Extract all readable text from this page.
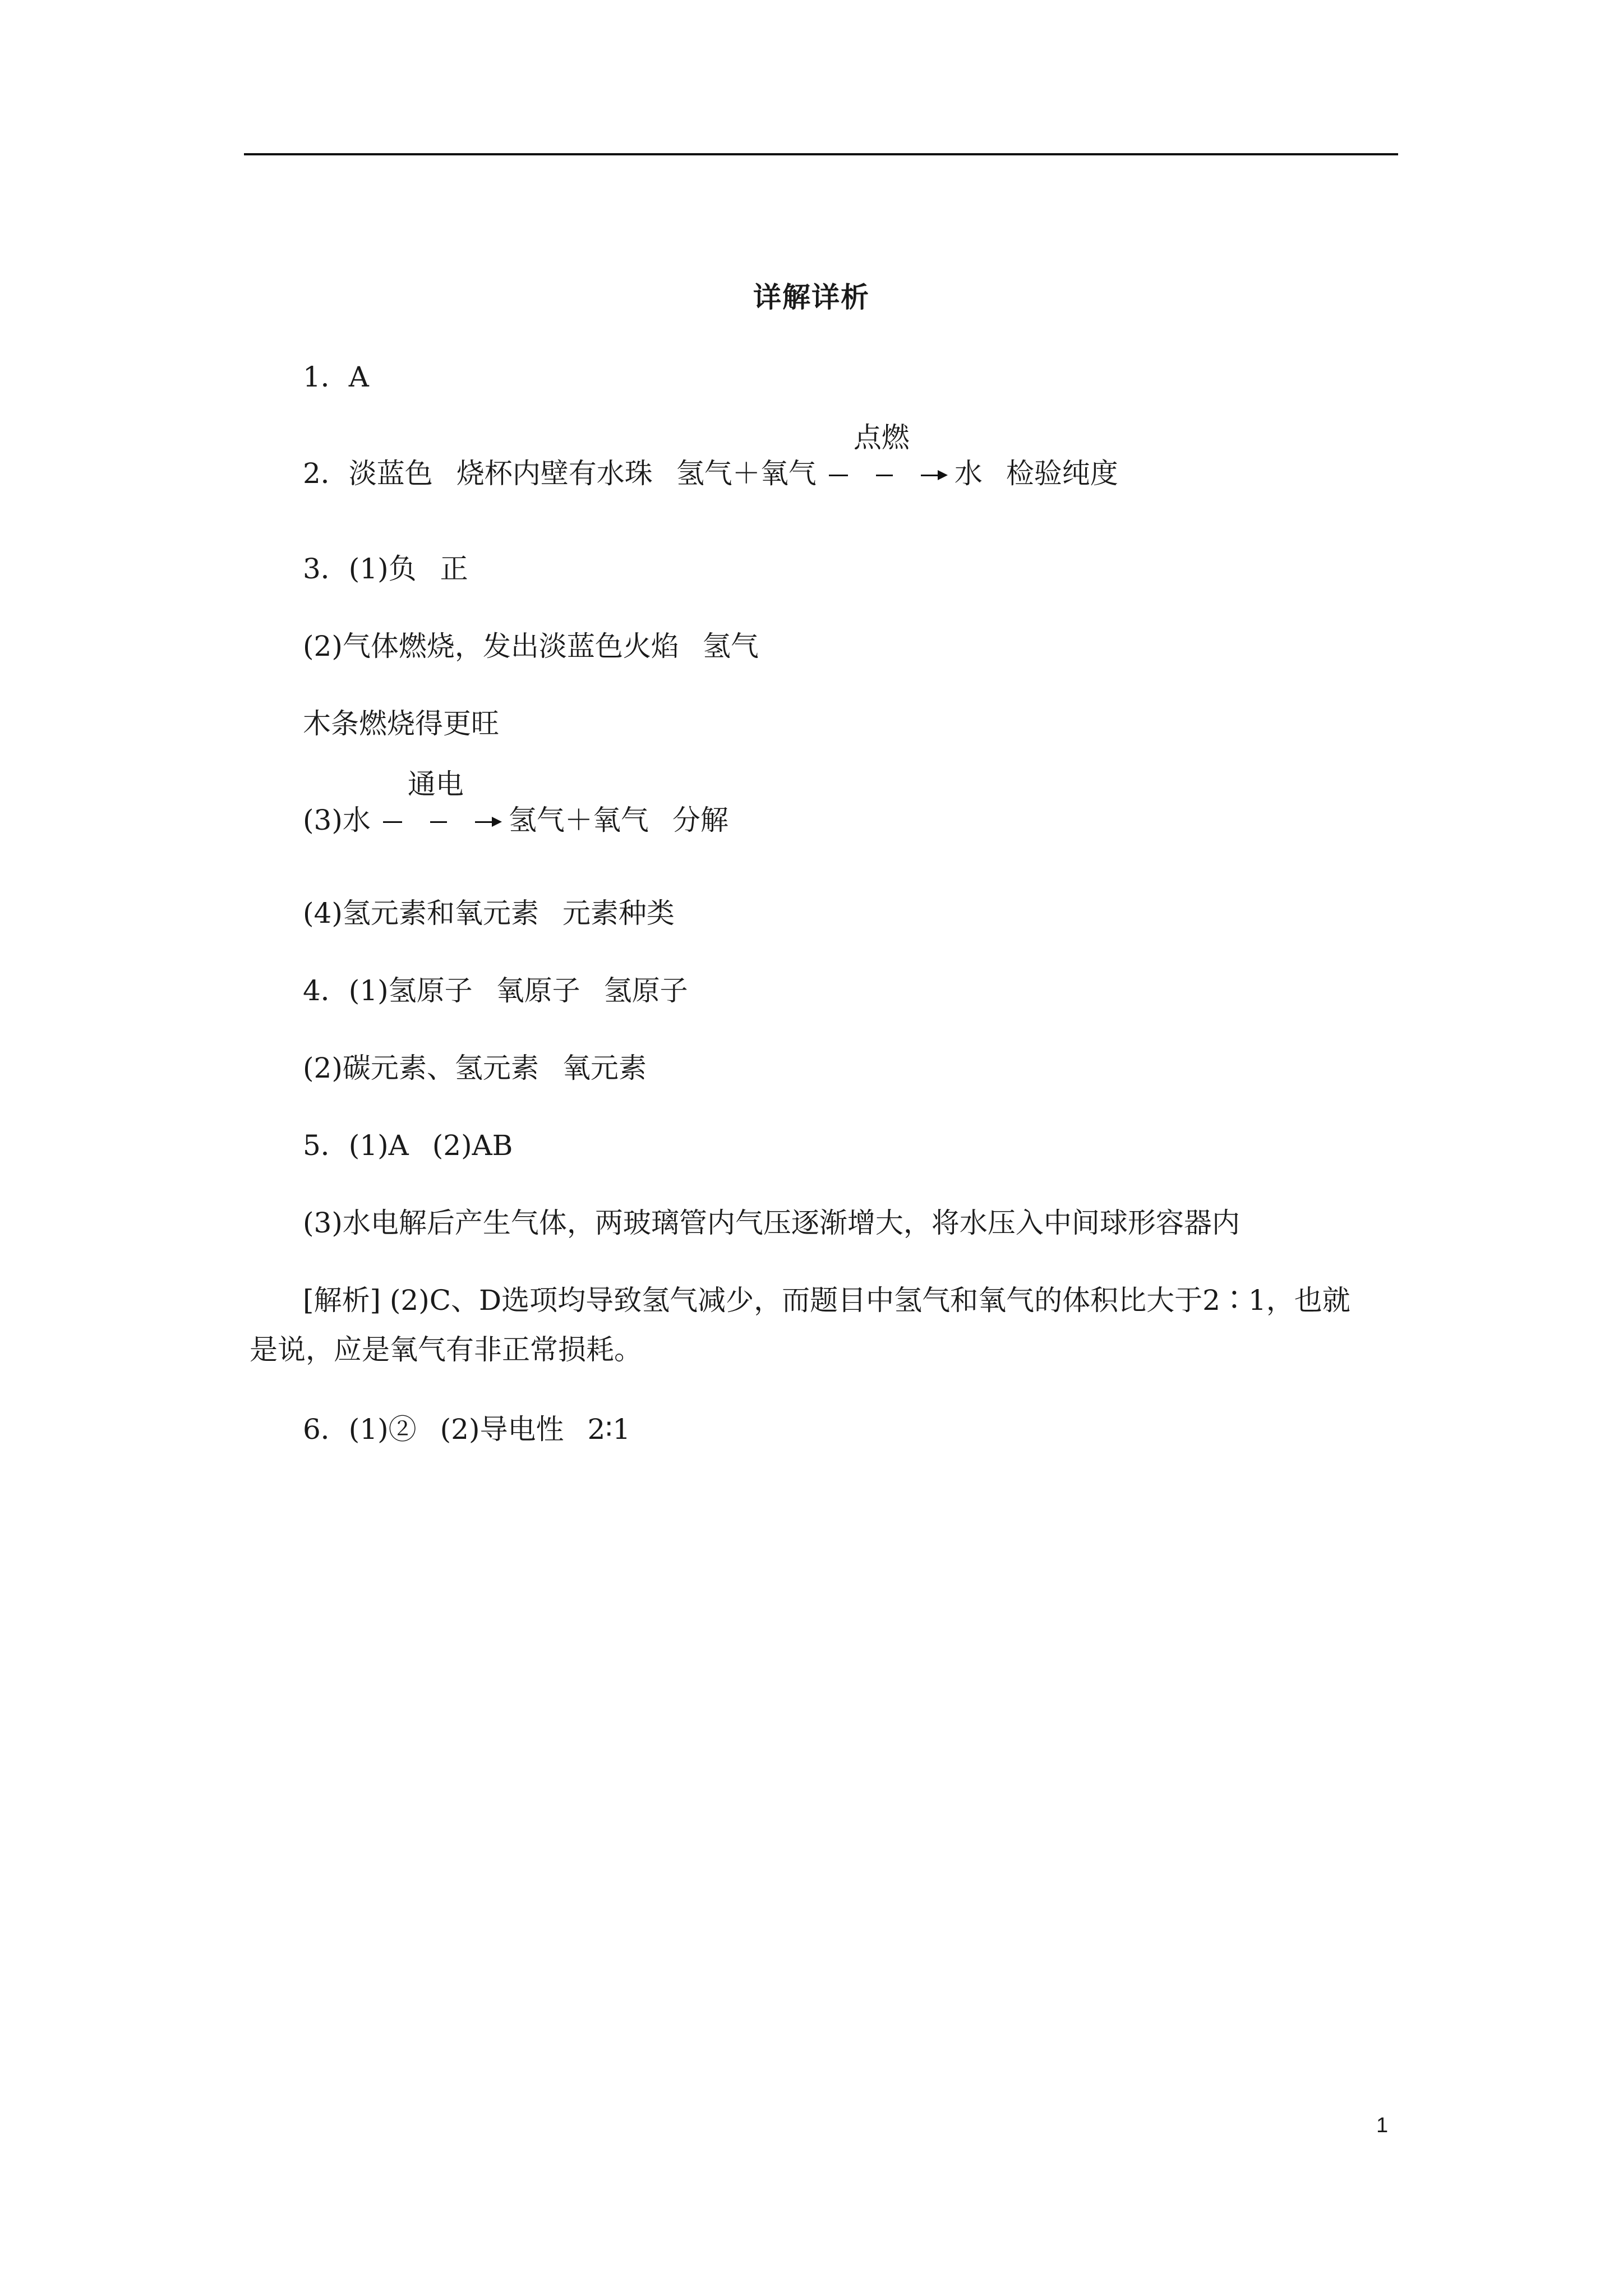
详解详析
1．A
2．淡蓝色 烧杯内壁有水珠 氢气＋氧气
点燃
水 检验纯度
3．(1)负 正
(2)气体燃烧，发出淡蓝色火焰 氢气
木条燃烧得更旺
(3)水
通电
氢气＋氧气 分解
(4)氢元素和氧元素 元素种类
4．(1)氢原子 氧原子 氢原子
(2)碳元素、氢元素 氧元素
5．(1)A (2)AB
(3)水电解后产生气体，两玻璃管内气压逐渐增大，将水压入中间球形容器内
[解析] (2)C、D选项均导致氢气减少，而题目中氢气和氧气的体积比大于2∶1，也就
是说，应是氧气有非正常损耗。
6．(1)② (2)导电性 2∶1
1
